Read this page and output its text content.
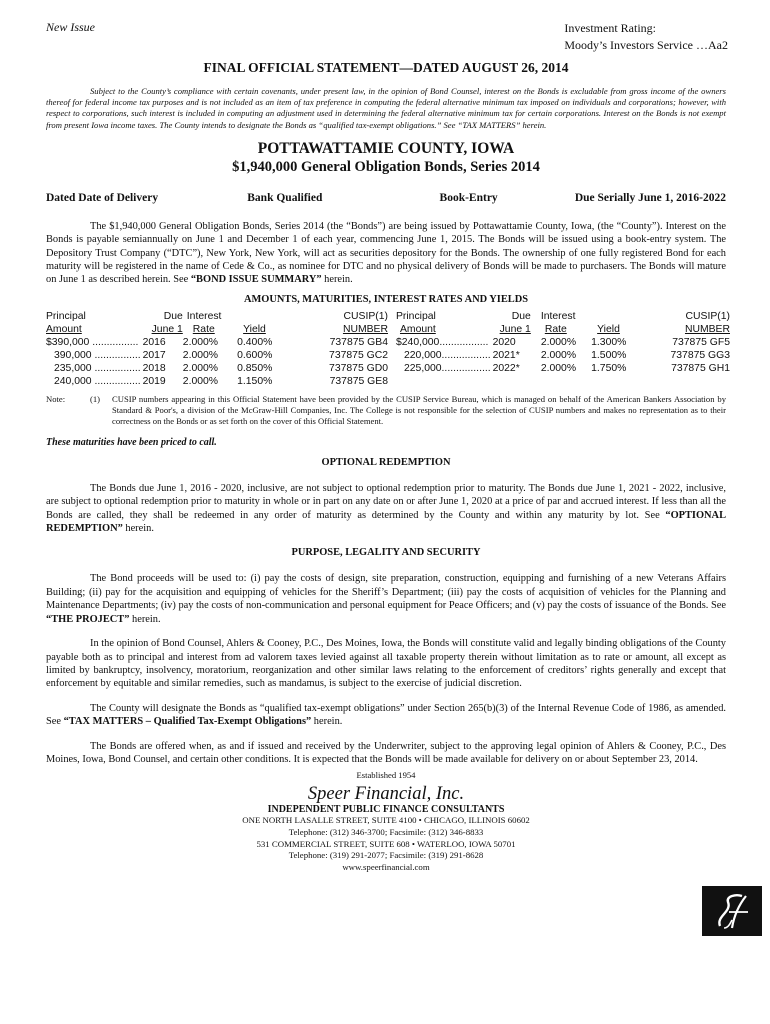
New Issue	Investment Rating:
Moody’s Investors Service …Aa2
FINAL OFFICIAL STATEMENT—DATED AUGUST 26, 2014
Subject to the County’s compliance with certain covenants, under present law, in the opinion of Bond Counsel, interest on the Bonds is excludable from gross income of the owners thereof for federal income tax purposes and is not included as an item of tax preference in computing the federal alternative minimum tax imposed on individuals and corporations; however, with respect to corporations, such interest is included in computing an adjustment used in determining the federal alternative minimum tax for certain corporations. Interest on the Bonds is not exempt from present Iowa income taxes. The County intends to designate the Bonds as “qualified tax-exempt obligations.” See “TAX MATTERS” herein.
POTTAWATTAMIE COUNTY, IOWA
$1,940,000 General Obligation Bonds, Series 2014
Dated Date of Delivery	Bank Qualified	Book-Entry	Due Serially June 1, 2016-2022

The $1,940,000 General Obligation Bonds, Series 2014 (the “Bonds”) are being issued by Pottawattamie County, Iowa, (the “County”). Interest on the Bonds is payable semiannually on June 1 and December 1 of each year, commencing June 1, 2015. The Bonds will be issued using a book-entry system. The Depository Trust Company (“DTC”), New York, New York, will act as securities depository for the Bonds. The ownership of one fully registered Bond for each maturity will be registered in the name of Cede & Co., as nominee for DTC and no physical delivery of Bonds will be made to purchasers. The Bonds will mature on June 1 as described herein. See “BOND ISSUE SUMMARY” herein.

AMOUNTS, MATURITIES, INTEREST RATES AND YIELDS
Principal	Due	Interest		CUSIP(1)	Principal	Due	Interest		CUSIP(1)
Amount	June 1	Rate	Yield	NUMBER	Amount	June 1	Rate	Yield	NUMBER
$390,000 ................	2016	2.000%	0.400%	737875 GB4	$240,000.................	2020	2.000%	1.300%	737875 GF5
390,000 ................	2017	2.000%	0.600%	737875 GC2	220,000.................	2021*	2.000%	1.500%	737875 GG3
235,000 ................	2018	2.000%	0.850%	737875 GD0	225,000.................	2022*	2.000%	1.750%	737875 GH1
240,000 ................	2019	2.000%	1.150%	737875 GE8					
Note:	(1)	CUSIP numbers appearing in this Official Statement have been provided by the CUSIP Service Bureau, which is managed on behalf of the American Bankers Association by Standard & Poor's, a division of the McGraw-Hill Companies, Inc. The College is not responsible for the selection of CUSIP numbers and makes no representation as to their correctness on the Bonds or as set forth on the cover of this Official Statement.
These maturities have been priced to call.
OPTIONAL REDEMPTION

The Bonds due June 1, 2016 - 2020, inclusive, are not subject to optional redemption prior to maturity. The Bonds due June 1, 2021 - 2022, inclusive, are subject to optional redemption prior to maturity in whole or in part on any date on or after June 1, 2020 at a price of par and accrued interest. If less than all the Bonds are called, they shall be redeemed in any order of maturity as determined by the County and within any maturity by lot. See “OPTIONAL REDEMPTION” herein.

PURPOSE, LEGALITY AND SECURITY

The Bond proceeds will be used to: (i) pay the costs of design, site preparation, construction, equipping and furnishing of a new Veterans Affairs Building; (ii) pay for the acquisition and equipping of vehicles for the Sheriff’s Department; (iii) pay the costs of acquisition of vehicles for the Planning and Maintenance Departments; (iv) pay the costs of non-communication and personal equipment for Peace Officers; and (v) pay the costs of issuance of the Bonds. See “THE PROJECT” herein.

In the opinion of Bond Counsel, Ahlers & Cooney, P.C., Des Moines, Iowa, the Bonds will constitute valid and legally binding obligations of the County payable both as to principal and interest from ad valorem taxes levied against all taxable property therein without limitation as to rate or amount, all except as limited by bankruptcy, insolvency, moratorium, reorganization and other similar laws relating to the enforcement of creditors’ rights generally and except that enforcement by equitable and similar remedies, such as mandamus, is subject to the exercise of judicial discretion.

The County will designate the Bonds as “qualified tax-exempt obligations” under Section 265(b)(3) of the Internal Revenue Code of 1986, as amended. See “TAX MATTERS – Qualified Tax-Exempt Obligations” herein.

The Bonds are offered when, as and if issued and received by the Underwriter, subject to the approving legal opinion of Ahlers & Cooney, P.C., Des Moines, Iowa, Bond Counsel, and certain other conditions. It is expected that the Bonds will be made available for delivery on or about September 23, 2014.

Established 1954
Speer Financial, Inc.
INDEPENDENT PUBLIC FINANCE CONSULTANTS
ONE NORTH LASALLE STREET, SUITE 4100 • CHICAGO, ILLINOIS 60602
Telephone: (312) 346-3700; Facsimile: (312) 346-8833
531 COMMERCIAL STREET, SUITE 608 • WATERLOO, IOWA 50701
Telephone: (319) 291-2077; Facsimile: (319) 291-8628
www.speerfinancial.com
